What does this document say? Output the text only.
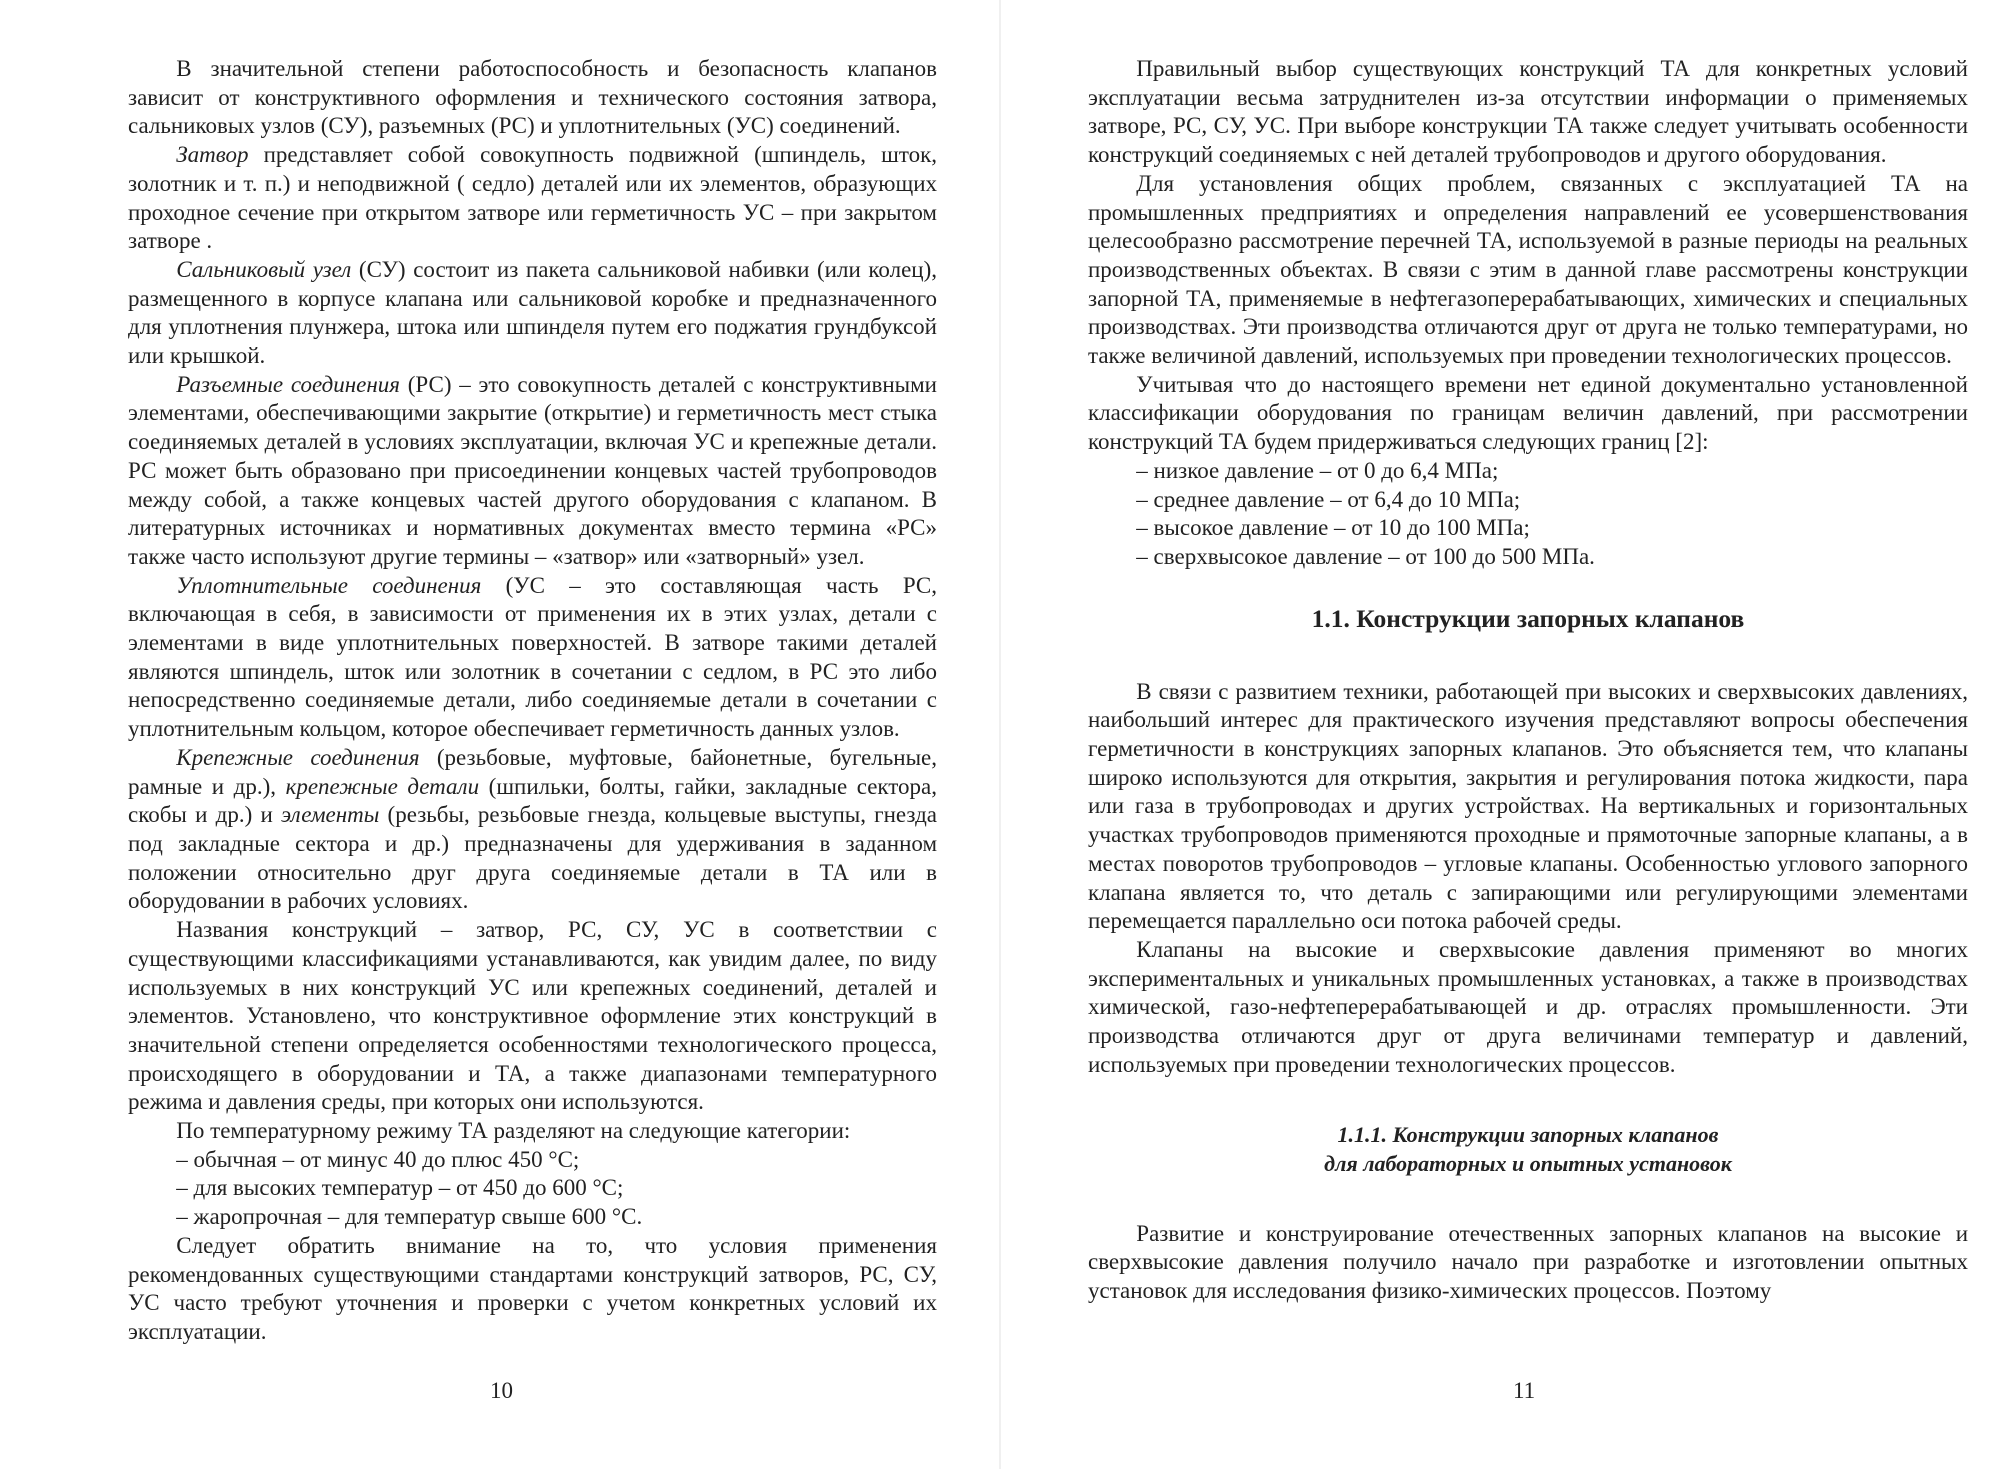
В значительной степени работоспособность и безопасность клапанов зависит от конструктивного оформления и технического состояния затвора, сальниковых узлов (СУ), разъемных (РС) и уплотнительных (УС) соединений.

Затвор представляет собой совокупность подвижной (шпиндель, шток, золотник и т. п.) и неподвижной ( седло) деталей или их элементов, образующих проходное сечение при открытом затворе или герметичность УС – при закрытом затворе .

Сальниковый узел (СУ) состоит из пакета сальниковой набивки (или колец), размещенного в корпусе клапана или сальниковой коробке и предназначенного для уплотнения плунжера, штока или шпинделя путем его поджатия грундбуксой или крышкой.

Разъемные соединения (РС) – это совокупность деталей с конструктивными элементами, обеспечивающими закрытие (открытие) и герметичность мест стыка соединяемых деталей в условиях эксплуатации, включая УС и крепежные детали. РС может быть образовано при присоединении концевых частей трубопроводов между собой, а также концевых частей другого оборудования с клапаном. В литературных источниках и нормативных документах вместо термина «РС» также часто используют другие термины – «затвор» или «затворный» узел.

Уплотнительные соединения (УС – это составляющая часть РС, включающая в себя, в зависимости от применения их в этих узлах, детали с элементами в виде уплотнительных поверхностей. В затворе такими деталей являются шпиндель, шток или золотник в сочетании с седлом, в РС это либо непосредственно соединяемые детали, либо соединяемые детали в сочетании с уплотнительным кольцом, которое обеспечивает герметичность данных узлов.

Крепежные соединения (резьбовые, муфтовые, байонетные, бугельные, рамные и др.), крепежные детали (шпильки, болты, гайки, закладные сектора, скобы и др.) и элементы (резьбы, резьбовые гнезда, кольцевые выступы, гнезда под закладные сектора и др.) предназначены для удерживания в заданном положении относительно друг друга соединяемые детали в ТА или в оборудовании в рабочих условиях.

Названия конструкций – затвор, РС, СУ, УС в соответствии с существующими классификациями устанавливаются, как увидим далее, по виду используемых в них конструкций УС или крепежных соединений, деталей и элементов. Установлено, что конструктивное оформление этих конструкций в значительной степени определяется особенностями технологического процесса, происходящего в оборудовании и ТА, а также диапазонами температурного режима и давления среды, при которых они используются.

По температурному режиму ТА разделяют на следующие категории:

– обычная – от минус 40 до плюс 450 °С;

– для высоких температур – от 450 до 600 °С;

– жаропрочная – для температур свыше 600 °С.

Следует обратить внимание на то, что условия применения рекомендованных существующими стандартами конструкций затворов, РС, СУ, УС часто требуют уточнения и проверки с учетом конкретных условий их эксплуатации.

10

Правильный выбор существующих конструкций ТА для конкретных условий эксплуатации весьма затруднителен из-за отсутствии информации о применяемых затворе, РС, СУ, УС. При выборе конструкции ТА также следует учитывать особенности конструкций соединяемых с ней деталей трубопроводов и другого оборудования.

Для установления общих проблем, связанных с эксплуатацией ТА на промышленных предприятиях и определения направлений ее усовершенствования целесообразно рассмотрение перечней ТА, используемой в разные периоды на реальных производственных объектах. В связи с этим в данной главе рассмотрены конструкции запорной ТА, применяемые в нефтегазоперерабатывающих, химических и специальных производствах. Эти производства отличаются друг от друга не только температурами, но также величиной давлений, используемых при проведении технологических процессов.

Учитывая что до настоящего времени нет единой документально установленной классификации оборудования по границам величин давлений, при рассмотрении конструкций ТА будем придерживаться следующих границ [2]:

– низкое давление – от 0 до 6,4 МПа;

– среднее давление – от 6,4 до 10 МПа;

– высокое давление – от 10 до 100 МПа;

– сверхвысокое давление – от 100 до 500 МПа.

1.1. Конструкции запорных клапанов

В связи с развитием техники, работающей при высоких и сверхвысоких давлениях, наибольший интерес для практического изучения представляют вопросы обеспечения герметичности в конструкциях запорных клапанов. Это объясняется тем, что клапаны широко используются для открытия, закрытия и регулирования потока жидкости, пара или газа в трубопроводах и других устройствах. На вертикальных и горизонтальных участках трубопроводов применяются проходные и прямоточные запорные клапаны, а в местах поворотов трубопроводов – угловые клапаны. Особенностью углового запорного клапана является то, что деталь с запирающими или регулирующими элементами перемещается параллельно оси потока рабочей среды.

Клапаны на высокие и сверхвысокие давления применяют во многих экспериментальных и уникальных промышленных установках, а также в производствах химической, газо-нефтеперерабатывающей и др. отраслях промышленности. Эти производства отличаются друг от друга величинами температур и давлений, используемых при проведении технологических процессов.

1.1.1. Конструкции запорных клапанов
для лабораторных и опытных установок

Развитие и конструирование отечественных запорных клапанов на высокие и сверхвысокие давления получило начало при разработке и изготовлении опытных установок для исследования физико-химических процессов. Поэтому

11
